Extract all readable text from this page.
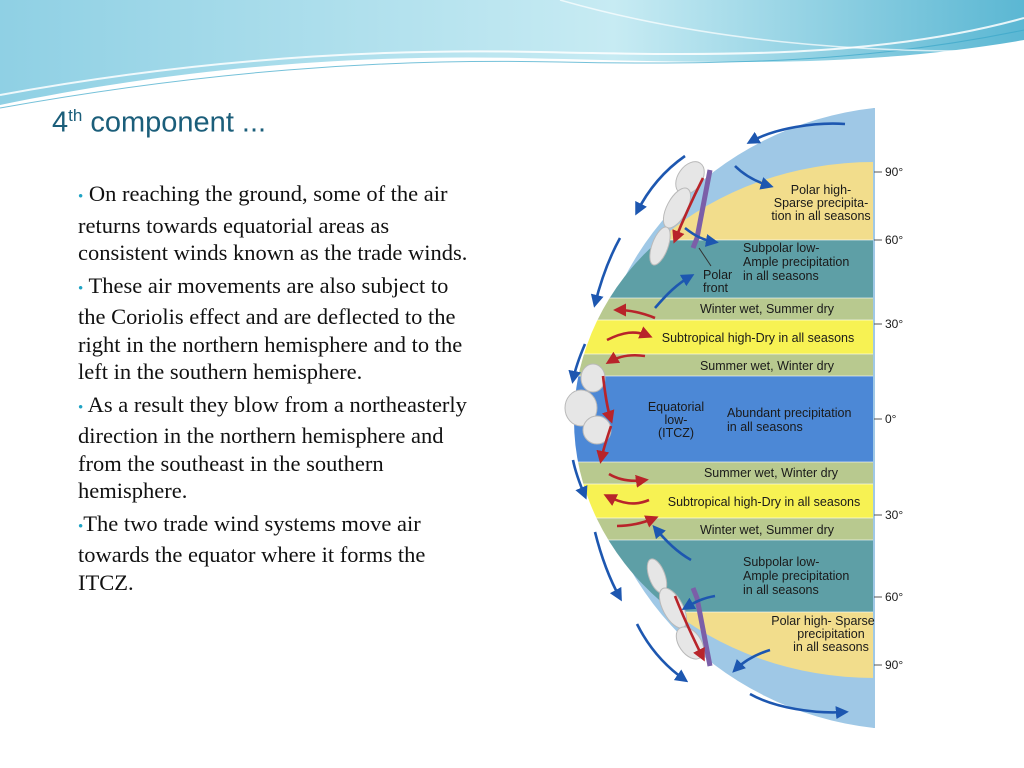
4th component ...
• On reaching the ground, some of the air returns towards equatorial areas as consistent winds known as the trade winds.
• These air movements are also subject to the Coriolis effect and are deflected to the right in the northern hemisphere and to the left in the southern hemisphere.
• As a result they blow from a northeasterly direction in the northern hemisphere and from the southeast in the southern hemisphere.
•The two trade wind systems move air towards the equator where it forms the ITCZ.
Polar high-Sparse precipita-tion in all seasons
Subpolar low-Ample precipitation in all seasons
Polar front
Winter wet, Summer dry
Subtropical high-Dry in all seasons
Summer wet, Winter dry
Equatorial low-(ITCZ)
Abundant precipitation in all seasons
Summer wet, Winter dry
Subtropical high-Dry in all seasons
Winter wet, Summer dry
Subpolar low-Ample precipitation in all seasons
Polar high- Sparse precipitation in all seasons
90°
60°
30°
0°
30°
60°
90°
